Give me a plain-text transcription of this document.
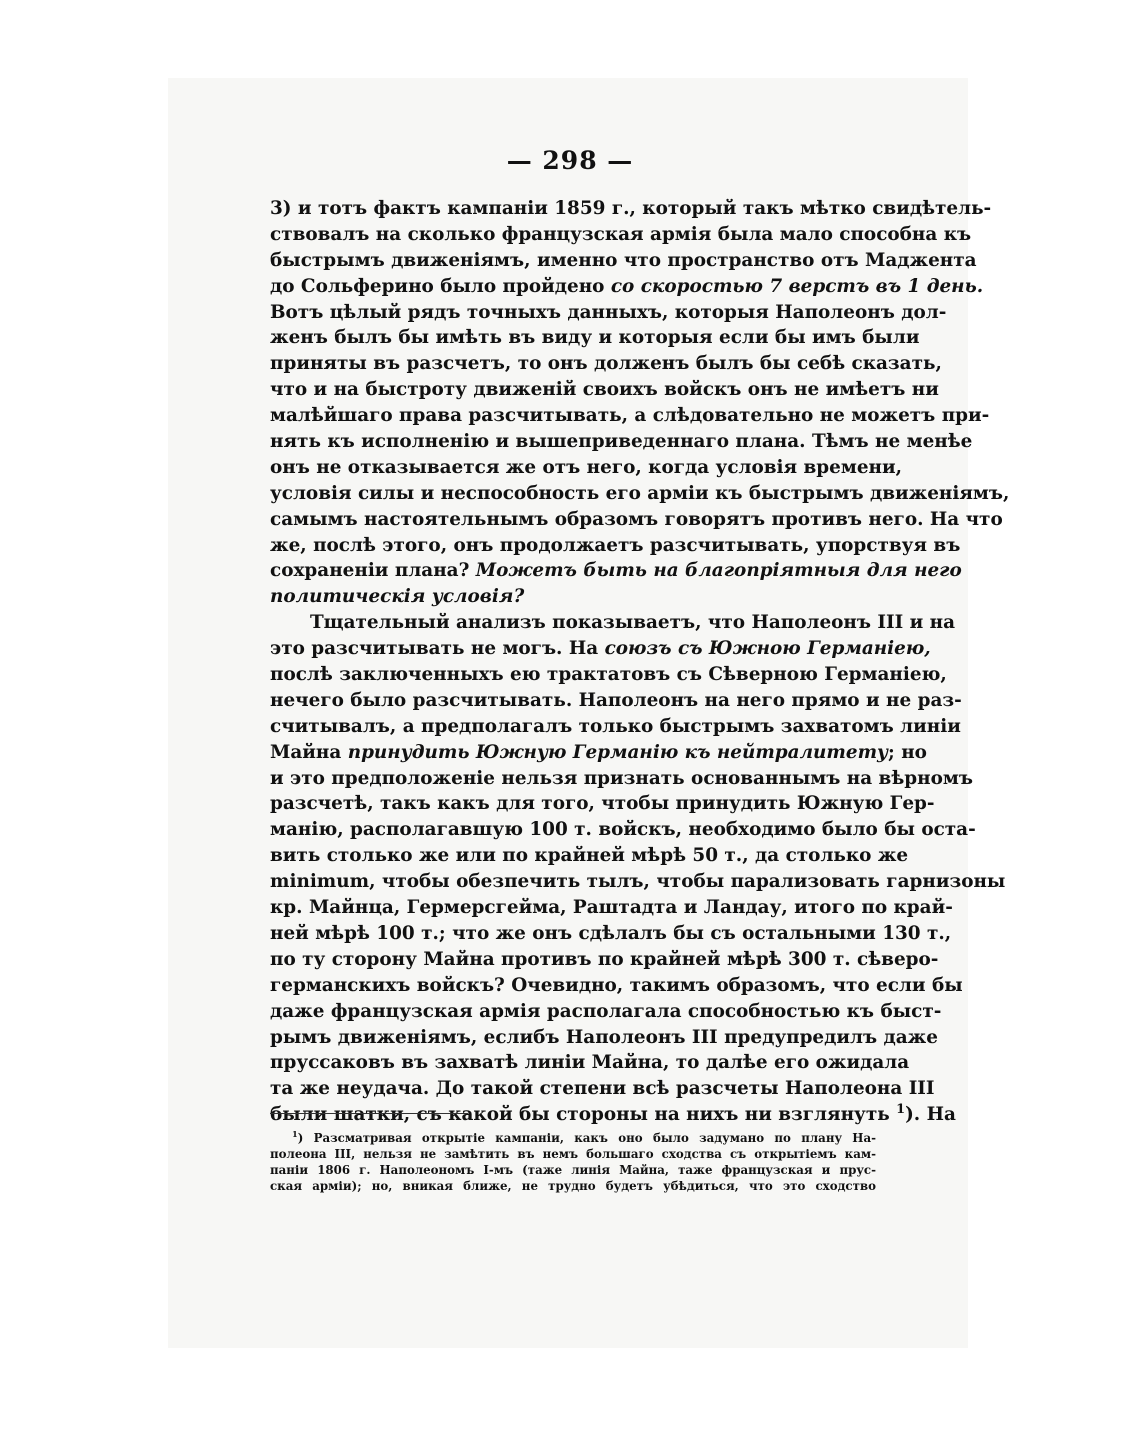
— 298 —
3) и тотъ фактъ кампаніи 1859 г., который такъ мѣтко свидѣтель-
ствовалъ на сколько французская армія была мало способна къ
быстрымъ движеніямъ, именно что пространство отъ Маджента
до Сольферино было пройдено со скоростью 7 верстъ въ 1 день.
Вотъ цѣлый рядъ точныхъ данныхъ, которыя Наполеонъ дол-
женъ былъ бы имѣть въ виду и которыя если бы имъ были
приняты въ разсчетъ, то онъ долженъ былъ бы себѣ сказать,
что и на быстроту движеній своихъ войскъ онъ не имѣетъ ни
малѣйшаго права разсчитывать, а слѣдовательно не можетъ при-
нять къ исполненію и вышеприведеннаго плана. Тѣмъ не менѣе
онъ не отказывается же отъ него, когда условія времени,
условія силы и неспособность его арміи къ быстрымъ движеніямъ,
самымъ настоятельнымъ образомъ говорятъ противъ него. На что
же, послѣ этого, онъ продолжаетъ разсчитывать, упорствуя въ
сохраненіи плана? Можетъ быть на благопріятныя для него
политическія условія?
Тщательный анализъ показываетъ, что Наполеонъ III и на
это разсчитывать не могъ. На союзъ съ Южною Германіею,
послѣ заключенныхъ ею трактатовъ съ Сѣверною Германіею,
нечего было разсчитывать. Наполеонъ на него прямо и не раз-
считывалъ, а предполагалъ только быстрымъ захватомъ линіи
Майна принудить Южную Германію къ нейтралитету; но
и это предположеніе нельзя признать основаннымъ на вѣрномъ
разсчетѣ, такъ какъ для того, чтобы принудить Южную Гер-
манію, располагавшую 100 т. войскъ, необходимо было бы оста-
вить столько же или по крайней мѣрѣ 50 т., да столько же
minimum, чтобы обезпечить тылъ, чтобы парализовать гарнизоны
кр. Майнца, Гермерсгейма, Раштадта и Ландау, итого по край-
ней мѣрѣ 100 т.; что же онъ сдѣлалъ бы съ остальными 130 т.,
по ту сторону Майна противъ по крайней мѣрѣ 300 т. сѣверо-
германскихъ войскъ? Очевидно, такимъ образомъ, что если бы
даже французская армія располагала способностью къ быст-
рымъ движеніямъ, еслибъ Наполеонъ III предупредилъ даже
пруссаковъ въ захватѣ линіи Майна, то далѣе его ожидала
та же неудача. До такой степени всѣ разсчеты Наполеона III
были шатки, съ какой бы стороны на нихъ ни взглянуть $^1$). На
$^1$) Разсматривая открытіе кампаніи, какъ оно было задумано по плану На-
полеона III, нельзя не замѣтить въ немъ большаго сходства съ открытіемъ кам-
паніи 1806 г. Наполеономъ I-мъ (таже линія Майна, таже французская и прус-
ская арміи); но, вникая ближе, не трудно будетъ убѣдиться, что это сходство
